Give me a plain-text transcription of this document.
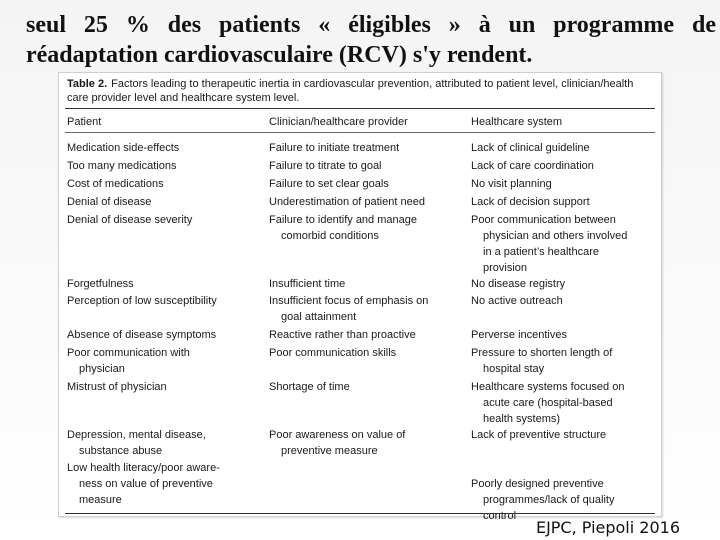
seul 25 % des patients « éligibles » à un programme de
réadaptation cardiovasculaire (RCV) s'y rendent.
Table 2. Factors leading to therapeutic inertia in cardiovascular prevention, attributed to patient level, clinician/health care provider level and healthcare system level.
Patient	Clinician/healthcare provider	Healthcare system
Medication side-effects
Too many medications
Cost of medications
Denial of disease
Denial of disease severity
Forgetfulness
Perception of low susceptibility
Absence of disease symptoms
Poor communication with
physician
Mistrust of physician
Depression, mental disease,
substance abuse
Low health literacy/poor aware-
ness on value of preventive
measure
Failure to initiate treatment
Failure to titrate to goal
Failure to set clear goals
Underestimation of patient need
Failure to identify and manage
comorbid conditions
Insufficient time
Insufficient focus of emphasis on
goal attainment
Reactive rather than proactive
Poor communication skills
Shortage of time
Poor awareness on value of
preventive measure
Lack of clinical guideline
Lack of care coordination
No visit planning
Lack of decision support
Poor communication between
physician and others involved
in a patient’s healthcare
provision
No disease registry
No active outreach
Perverse incentives
Pressure to shorten length of
hospital stay
Healthcare systems focused on
acute care (hospital-based
health systems)
Lack of preventive structure
Poorly designed preventive
programmes/lack of quality
control
EJPC, Piepoli 2016
